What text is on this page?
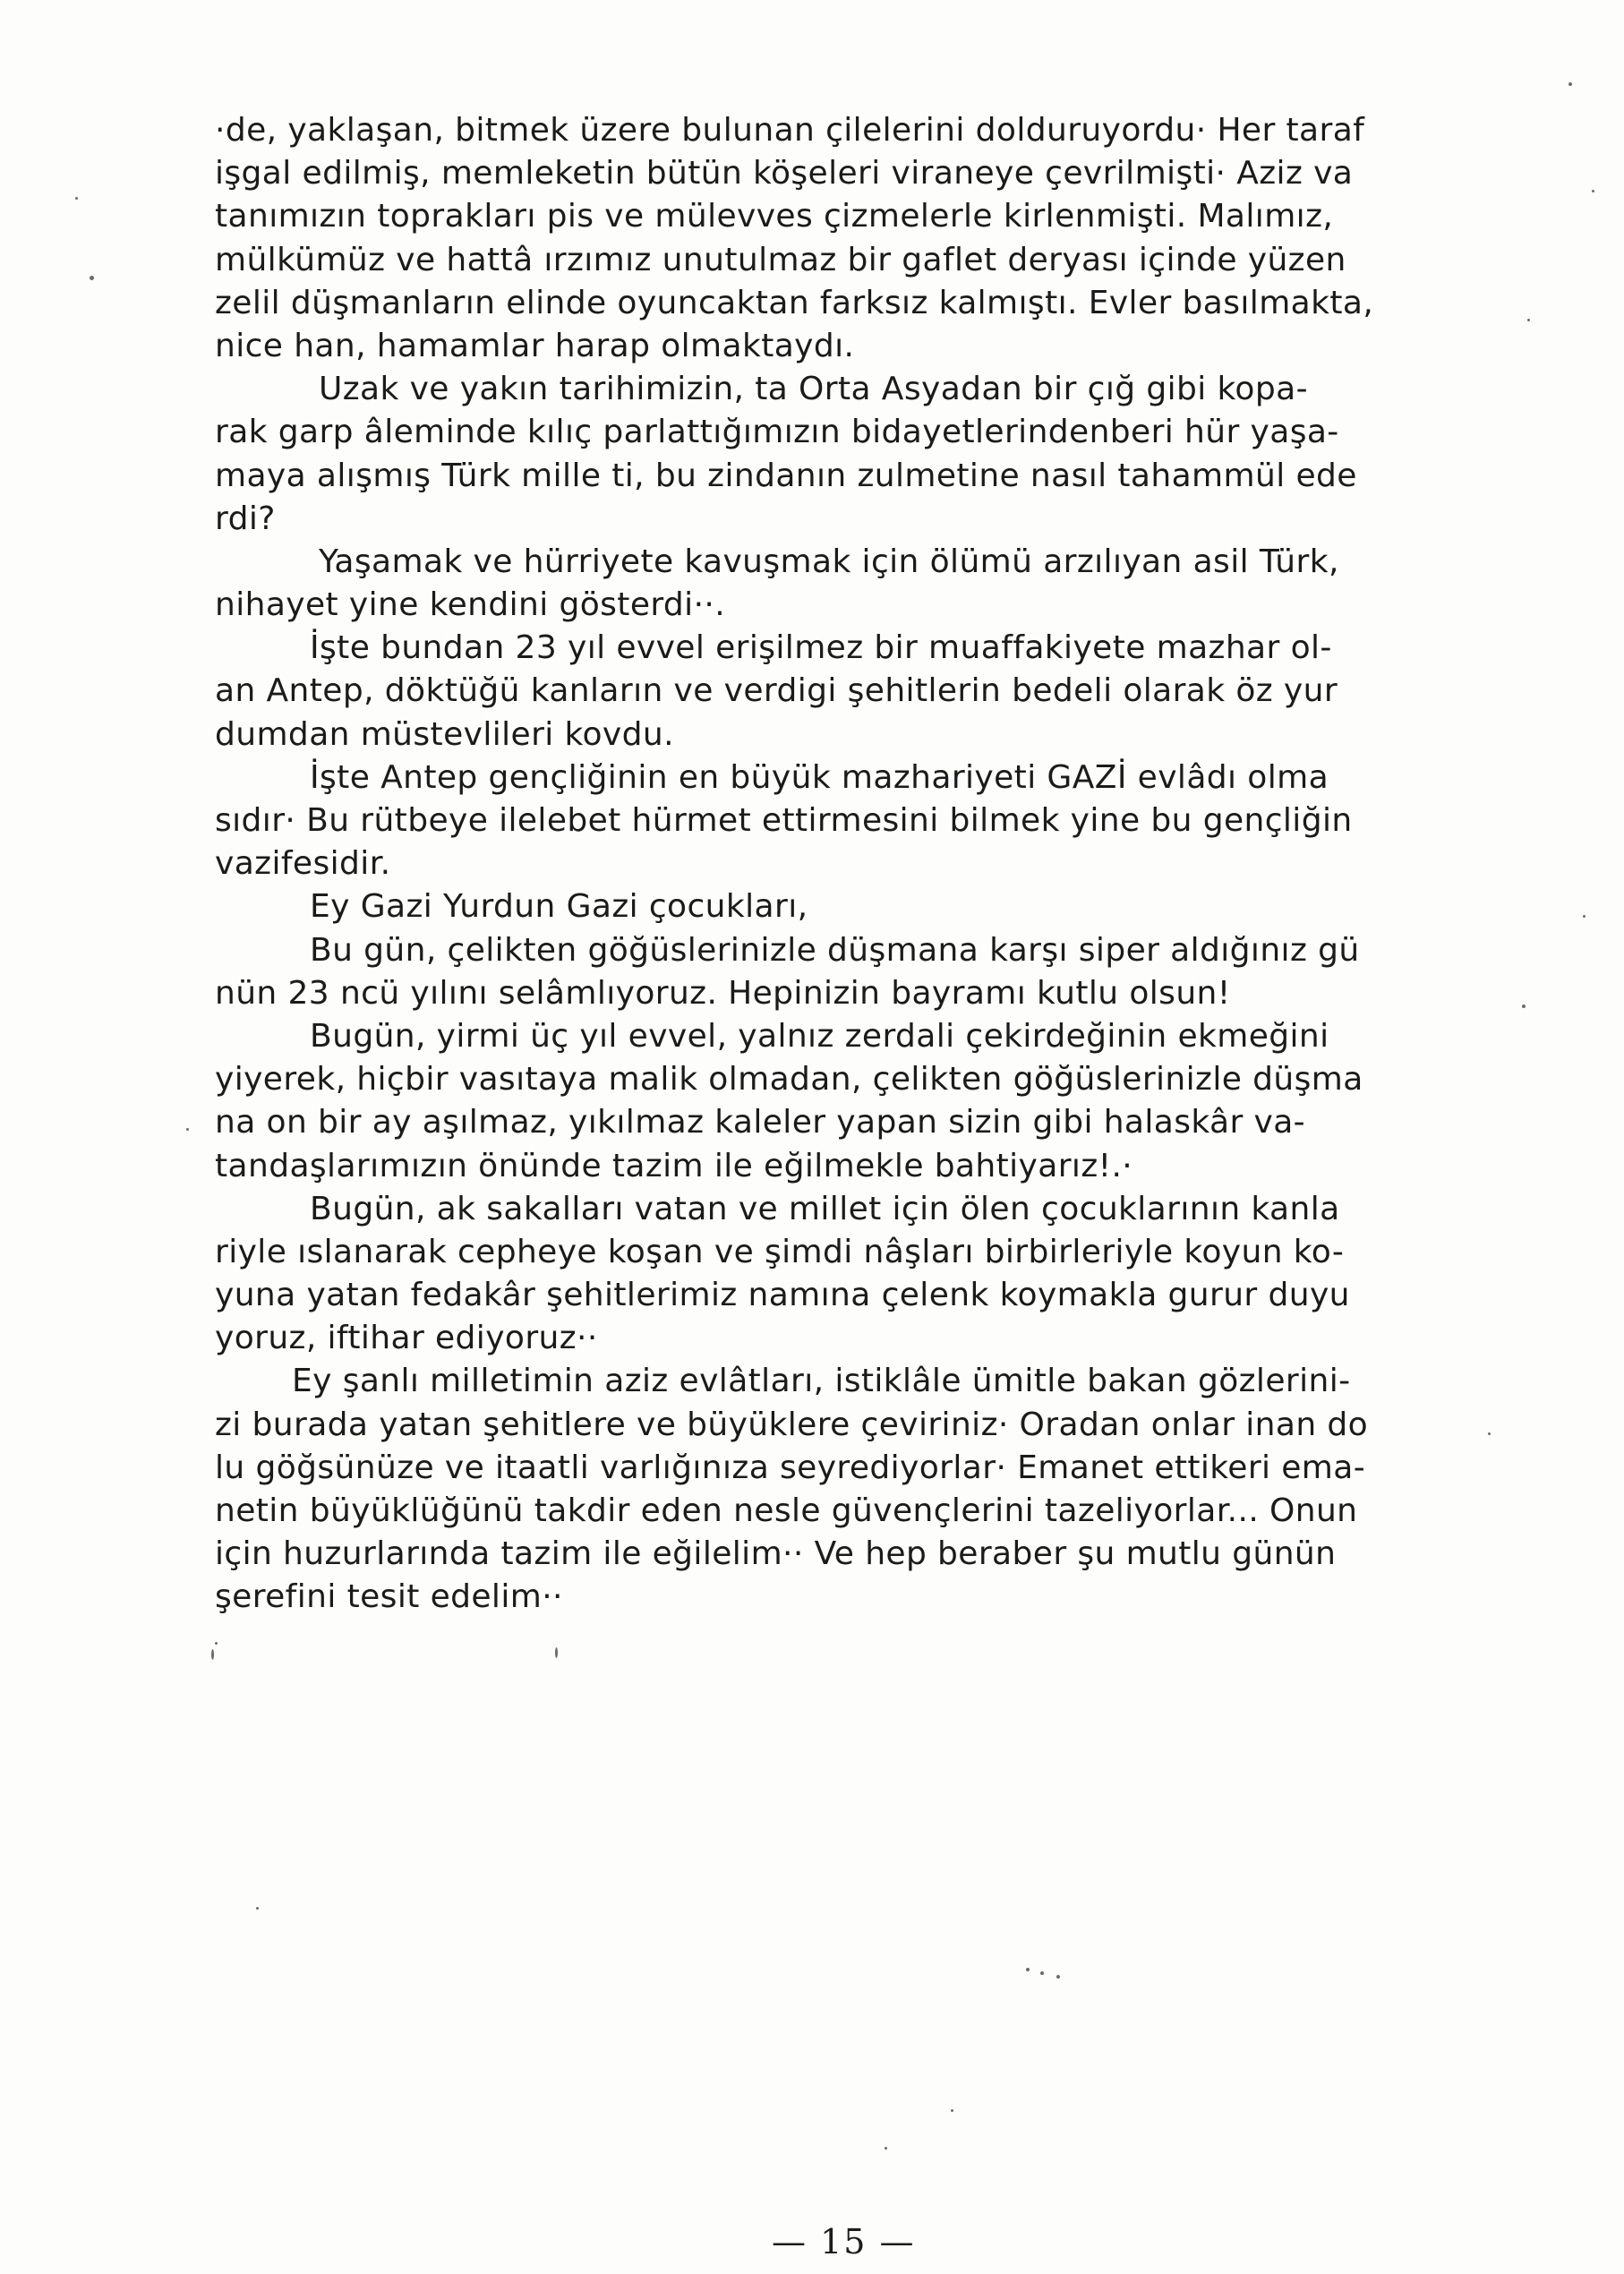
·de, yaklaşan, bitmek üzere bulunan çilelerini dolduruyordu· Her taraf
işgal edilmiş, memleketin bütün köşeleri viraneye çevrilmişti· Aziz va
tanımızın toprakları pis ve mülevves çizmelerle kirlenmişti. Malımız,
mülkümüz ve hattâ ırzımız unutulmaz bir gaflet deryası içinde yüzen
zelil düşmanların elinde oyuncaktan farksız kalmıştı. Evler basılmakta,
nice han, hamamlar harap olmaktaydı.
Uzak ve yakın tarihimizin, ta Orta Asyadan bir çığ gibi kopa-
rak garp âleminde kılıç parlattığımızın bidayetlerindenberi hür yaşa-
maya alışmış Türk mille ti, bu zindanın zulmetine nasıl tahammül ede
rdi?
Yaşamak ve hürriyete kavuşmak için ölümü arzılıyan asil Türk,
nihayet yine kendini gösterdi··.
İşte bundan 23 yıl evvel erişilmez bir muaffakiyete mazhar ol-
an Antep, döktüğü kanların ve verdigi şehitlerin bedeli olarak öz yur
dumdan müstevlileri kovdu.
İşte Antep gençliğinin en büyük mazhariyeti GAZİ evlâdı olma
sıdır· Bu rütbeye ilelebet hürmet ettirmesini bilmek yine bu gençliğin
vazifesidir.
Ey Gazi Yurdun Gazi çocukları,
Bu gün, çelikten göğüslerinizle düşmana karşı siper aldığınız gü
nün 23 ncü yılını selâmlıyoruz. Hepinizin bayramı kutlu olsun!
Bugün, yirmi üç yıl evvel, yalnız zerdali çekirdeğinin ekmeğini
yiyerek, hiçbir vasıtaya malik olmadan, çelikten göğüslerinizle düşma
na on bir ay aşılmaz, yıkılmaz kaleler yapan sizin gibi halaskâr va-
tandaşlarımızın önünde tazim ile eğilmekle bahtiyarız!.·
Bugün, ak sakalları vatan ve millet için ölen çocuklarının kanla
riyle ıslanarak cepheye koşan ve şimdi nâşları birbirleriyle koyun ko-
yuna yatan fedakâr şehitlerimiz namına çelenk koymakla gurur duyu
yoruz, iftihar ediyoruz··
Ey şanlı milletimin aziz evlâtları, istiklâle ümitle bakan gözlerini-
zi burada yatan şehitlere ve büyüklere çeviriniz· Oradan onlar inan do
lu göğsünüze ve itaatli varlığınıza seyrediyorlar· Emanet ettikeri ema-
netin büyüklüğünü takdir eden nesle güvençlerini tazeliyorlar... Onun
için huzurlarında tazim ile eğilelim·· Ve hep beraber şu mutlu günün
şerefini tesit edelim··
— 15 —
